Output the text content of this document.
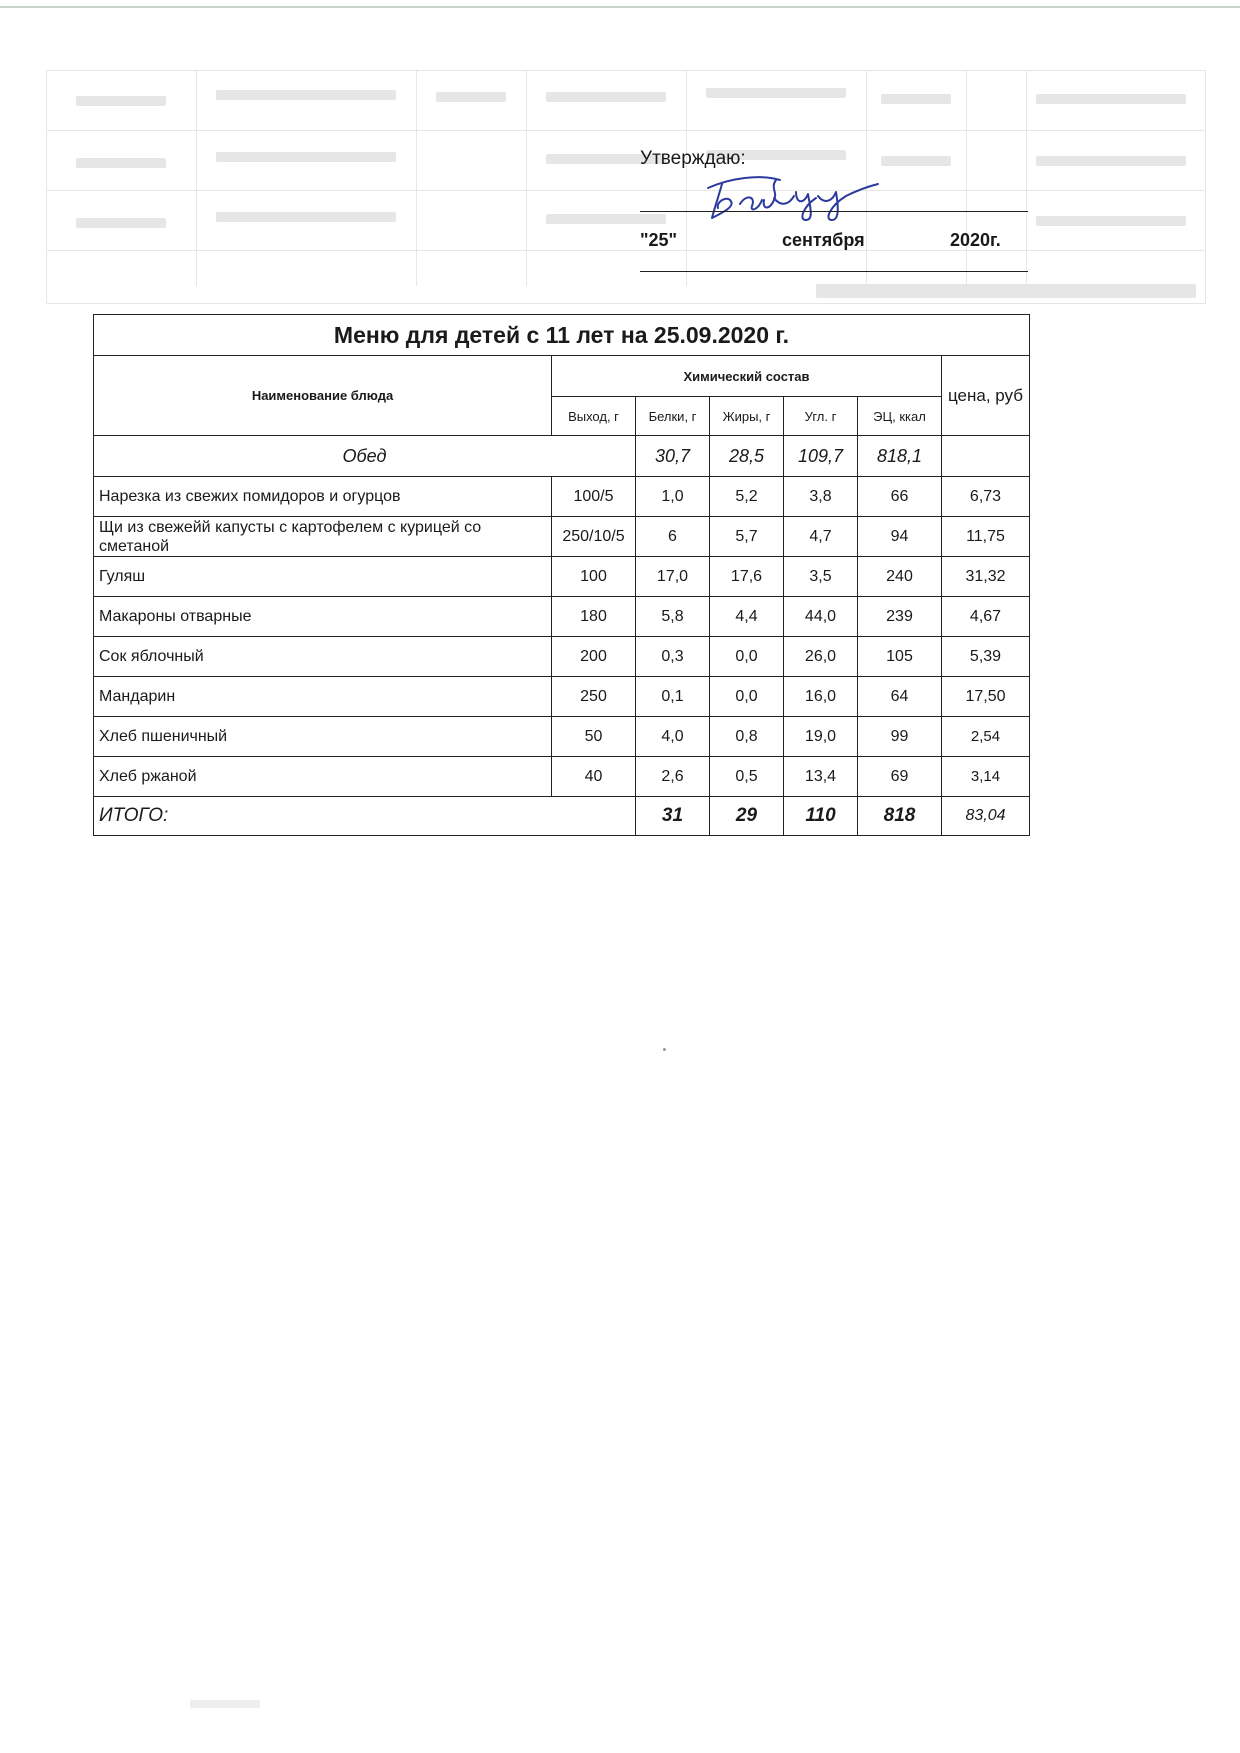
Утверждаю:
"25"	сентября	2020г.
Меню для детей с 11 лет на 25.09.2020 г.						
Наименование блюда	Химический состав					цена, руб
	Выход, г	Белки, г	Жиры, г	Угл. г	ЭЦ, ккал	
Обед		30,7	28,5	109,7	818,1	
Нарезка из свежих помидоров и огурцов	100/5	1,0	5,2	3,8	66	6,73
Щи из свежейй капусты с картофелем с курицей со сметаной	250/10/5	6	5,7	4,7	94	11,75
Гуляш	100	17,0	17,6	3,5	240	31,32
Макароны отварные	180	5,8	4,4	44,0	239	4,67
Сок яблочный	200	0,3	0,0	26,0	105	5,39
Мандарин	250	0,1	0,0	16,0	64	17,50
Хлеб пшеничный	50	4,0	0,8	19,0	99	2,54
Хлеб ржаной	40	2,6	0,5	13,4	69	3,14
ИТОГО:		31	29	110	818	83,04
